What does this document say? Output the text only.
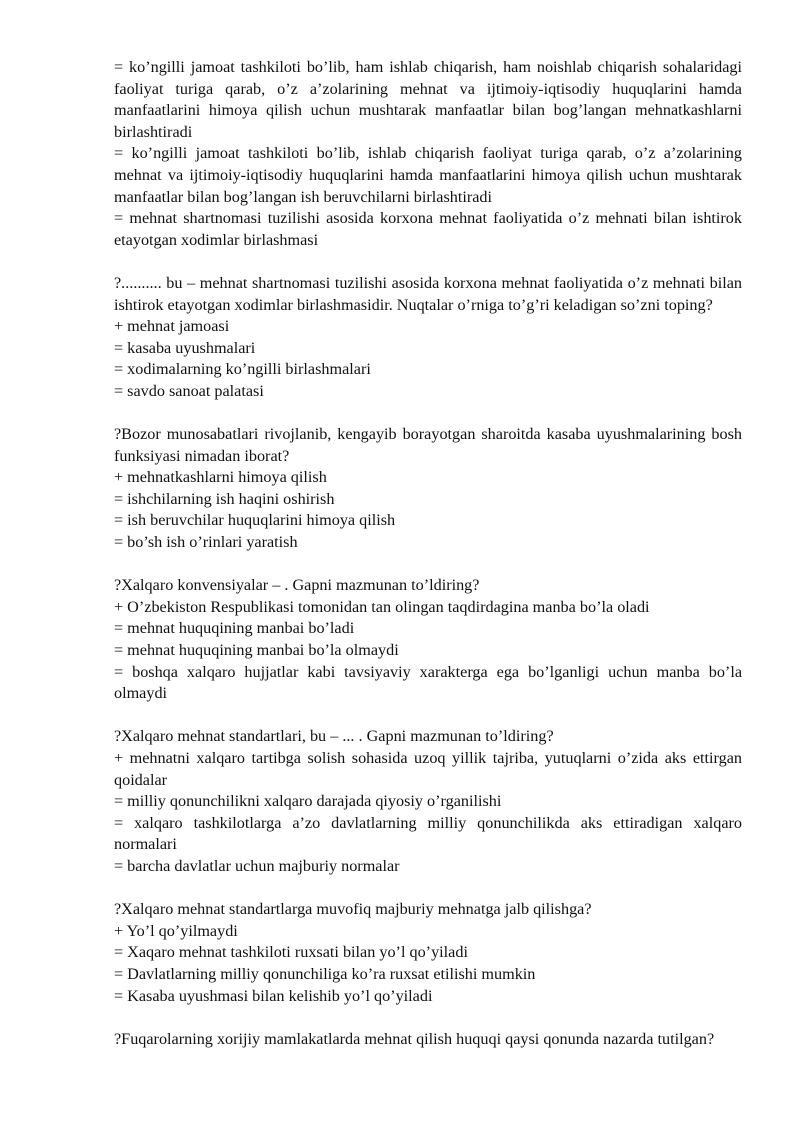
= ko’ngilli jamoat tashkiloti bo’lib, ham ishlab chiqarish, ham noishlab chiqarish sohalaridagi faoliyat turiga qarab, o’z a’zolarining mehnat va ijtimoiy-iqtisodiy huquqlarini hamda manfaatlarini himoya qilish uchun mushtarak manfaatlar bilan bog’langan mehnatkashlarni birlashtiradi

= ko’ngilli jamoat tashkiloti bo’lib, ishlab chiqarish faoliyat turiga qarab, o’z a’zolarining mehnat va ijtimoiy-iqtisodiy huquqlarini hamda manfaatlarini himoya qilish uchun mushtarak manfaatlar bilan bog’langan ish beruvchilarni birlashtiradi

= mehnat shartnomasi tuzilishi asosida korxona mehnat faoliyatida o’z mehnati bilan ishtirok etayotgan xodimlar birlashmasi

?.......... bu – mehnat shartnomasi tuzilishi asosida korxona mehnat faoliyatida o’z mehnati bilan ishtirok etayotgan xodimlar birlashmasidir. Nuqtalar o’rniga to’g’ri keladigan so’zni toping?

+ mehnat jamoasi

= kasaba uyushmalari

= xodimalarning ko’ngilli birlashmalari

= savdo sanoat palatasi

?Bozor munosabatlari rivojlanib, kengayib borayotgan sharoitda kasaba uyushmalarining bosh funksiyasi nimadan iborat?

+ mehnatkashlarni himoya qilish

= ishchilarning ish haqini oshirish

= ish beruvchilar huquqlarini himoya qilish

= bo’sh ish o’rinlari yaratish

?Xalqaro konvensiyalar – . Gapni mazmunan to’ldiring?

+ O’zbekiston Respublikasi tomonidan tan olingan taqdirdagina manba bo’la oladi

= mehnat huquqining manbai bo’ladi

= mehnat huquqining manbai bo’la olmaydi

= boshqa xalqaro hujjatlar kabi tavsiyaviy xarakterga ega bo’lganligi uchun manba bo’la olmaydi

?Xalqaro mehnat standartlari, bu – ... . Gapni mazmunan to’ldiring?

+ mehnatni xalqaro tartibga solish sohasida uzoq yillik tajriba, yutuqlarni o’zida aks ettirgan qoidalar

= milliy qonunchilikni xalqaro darajada qiyosiy o’rganilishi

= xalqaro tashkilotlarga a’zo davlatlarning milliy qonunchilikda aks ettiradigan xalqaro normalari

= barcha davlatlar uchun majburiy normalar

?Xalqaro mehnat standartlarga muvofiq majburiy mehnatga jalb qilishga?

+ Yo’l qo’yilmaydi

= Xaqaro mehnat tashkiloti ruxsati bilan yo’l qo’yiladi

= Davlatlarning milliy qonunchiliga ko’ra ruxsat etilishi mumkin

= Kasaba uyushmasi bilan kelishib yo’l qo’yiladi

?Fuqarolarning xorijiy mamlakatlarda mehnat qilish huquqi qaysi qonunda nazarda tutilgan?
